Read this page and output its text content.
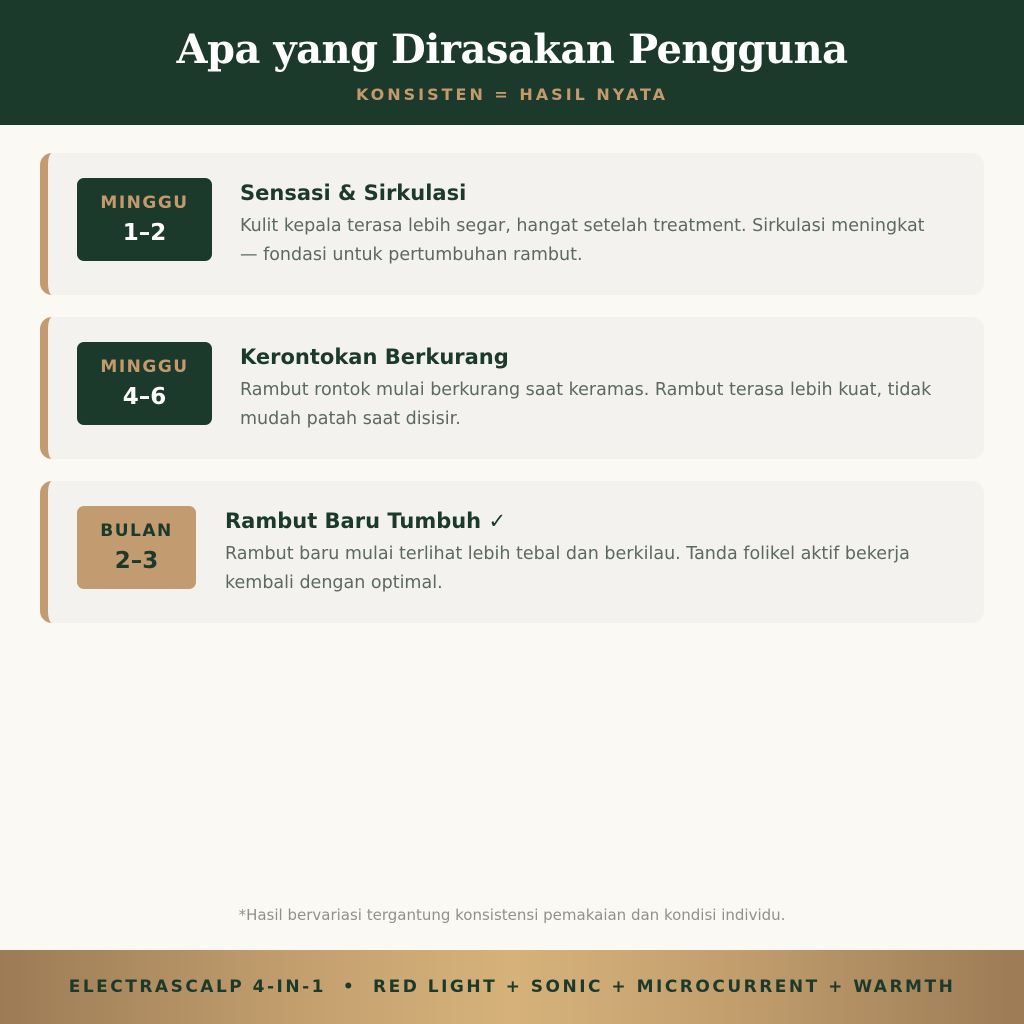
Apa yang Dirasakan Pengguna
KONSISTEN = HASIL NYATA
MINGGU
1–2
Sensasi & Sirkulasi
Kulit kepala terasa lebih segar, hangat setelah treatment. Sirkulasi meningkat — fondasi untuk pertumbuhan rambut.
MINGGU
4–6
Kerontokan Berkurang
Rambut rontok mulai berkurang saat keramas. Rambut terasa lebih kuat, tidak mudah patah saat disisir.
BULAN
2–3
Rambut Baru Tumbuh ✓
Rambut baru mulai terlihat lebih tebal dan berkilau. Tanda folikel aktif bekerja kembali dengan optimal.
*Hasil bervariasi tergantung konsistensi pemakaian dan kondisi individu.
ELECTRASCALP 4-IN-1  •  RED LIGHT + SONIC + MICROCURRENT + WARMTH
